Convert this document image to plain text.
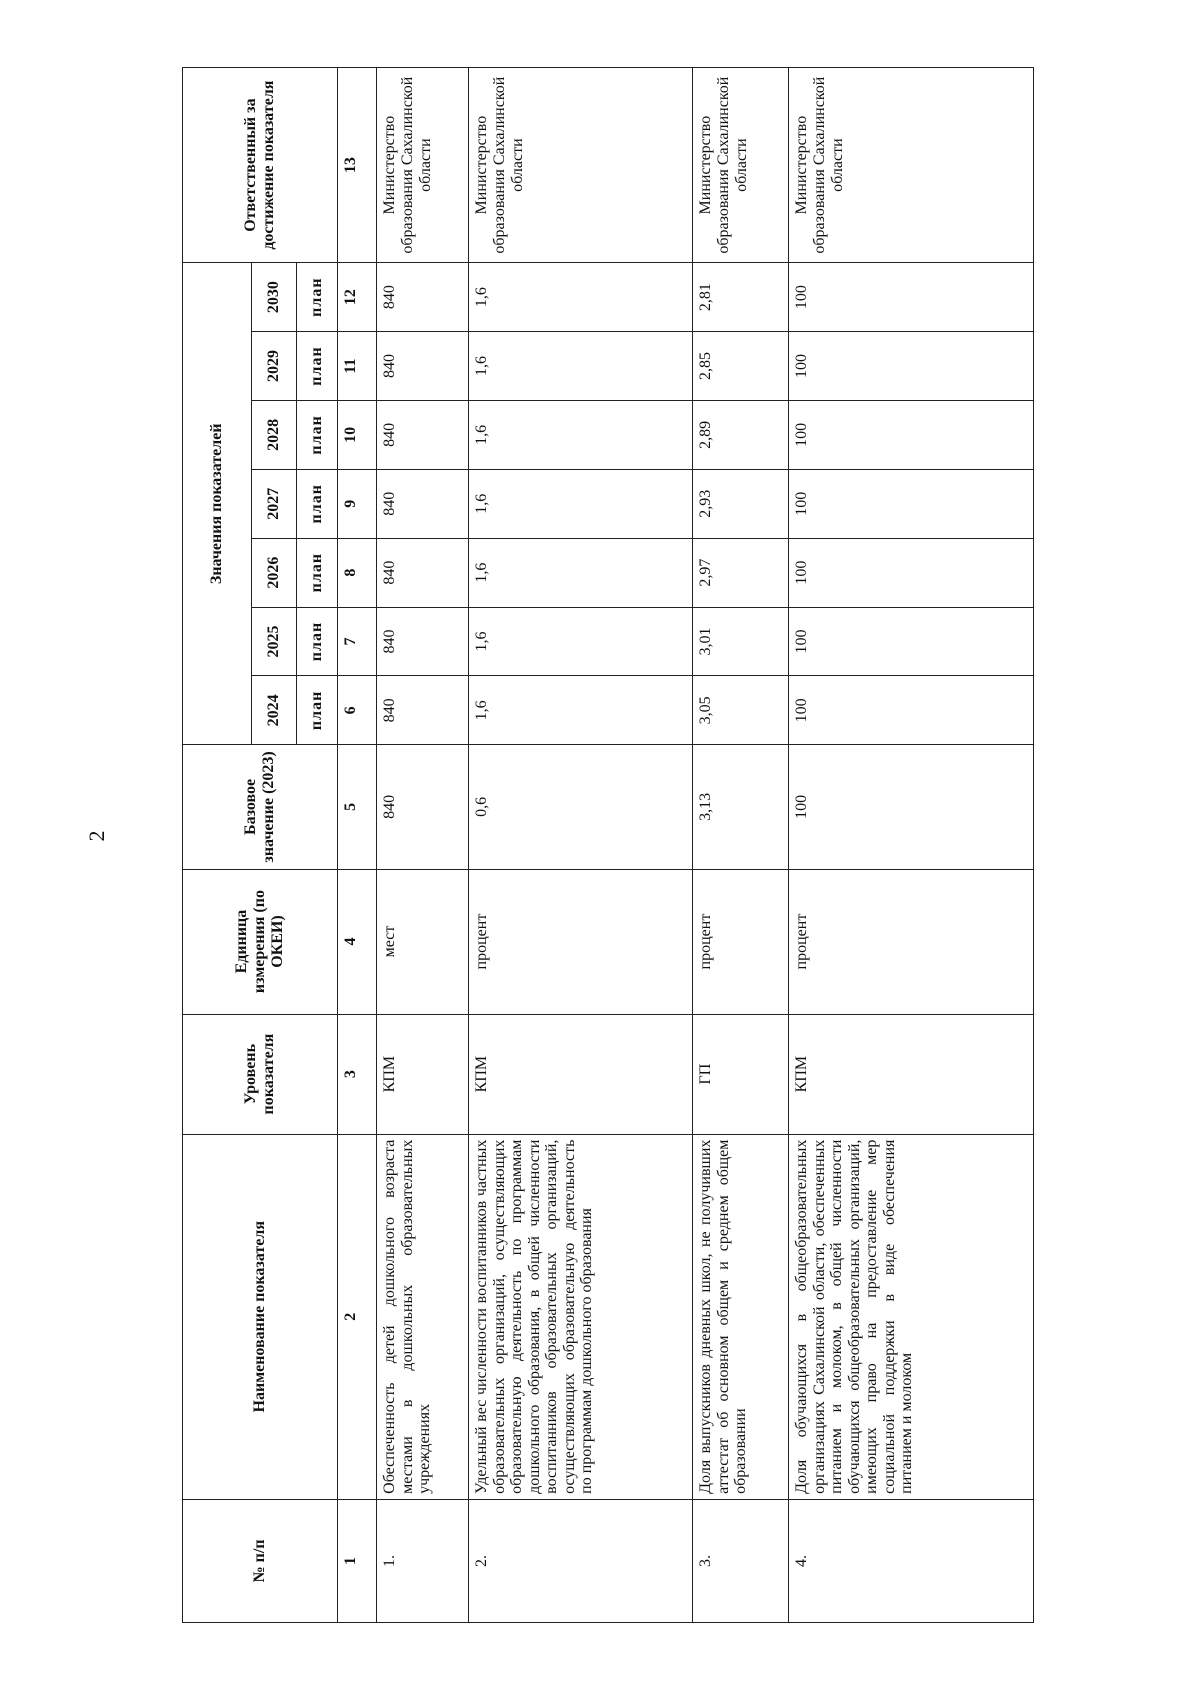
2
№ п/п	Наименование показателя	Уровень показателя	Единица измерения (по ОКЕИ)	Базовое значение (2023)	Значения показателей							Ответственный за достижение показателя
					2024	2025	2026	2027	2028	2029	2030	
					план	план	план	план	план	план	план	
1	2	3	4	5	6	7	8	9	10	11	12	13
1.	Обеспеченность детей дошкольного возраста местами в дошкольных образовательных учреждениях	КПМ	мест	840	840	840	840	840	840	840	840	Министерство образования Сахалинской области
2.	Удельный вес численности воспитанников частных образовательных организаций, осуществляющих образовательную деятельность по программам дошкольного образования, в общей численности воспитанников образовательных организаций, осуществляющих образовательную деятельность по программам дошкольного образования	КПМ	процент	0,6	1,6	1,6	1,6	1,6	1,6	1,6	1,6	Министерство образования Сахалинской области
3.	Доля выпускников дневных школ, не получивших аттестат об основном общем и среднем общем образовании	ГП	процент	3,13	3,05	3,01	2,97	2,93	2,89	2,85	2,81	Министерство образования Сахалинской области
4.	Доля обучающихся в общеобразовательных организациях Сахалинской области, обеспеченных питанием и молоком, в общей численности обучающихся общеобразовательных организаций, имеющих право на предоставление мер социальной поддержки в виде обеспечения питанием и молоком	КПМ	процент	100	100	100	100	100	100	100	100	Министерство образования Сахалинской области
